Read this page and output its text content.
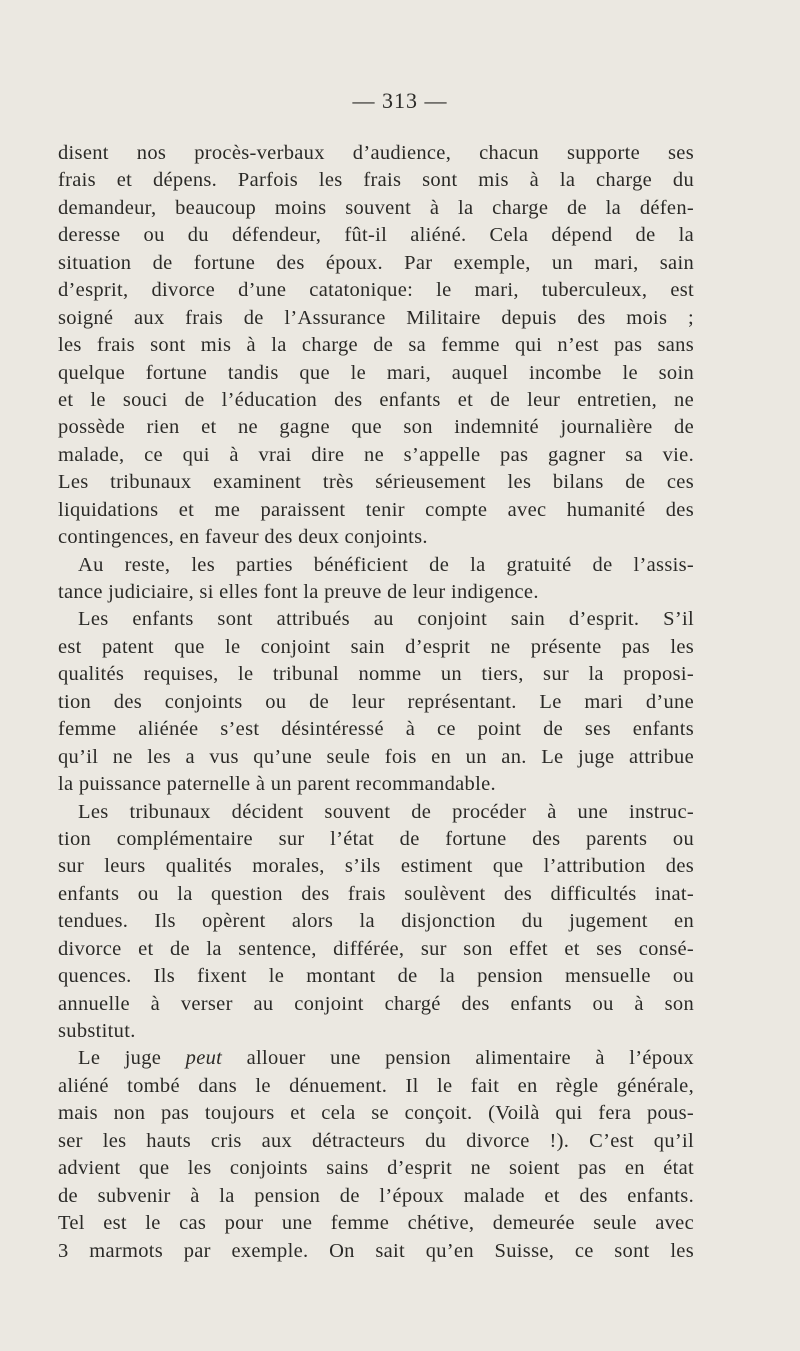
— 313 —
disent nos procès-verbaux d’audience, chacun supporte ses
frais et dépens. Parfois les frais sont mis à la charge du
demandeur, beaucoup moins souvent à la charge de la défen-
deresse ou du défendeur, fût-il aliéné. Cela dépend de la
situation de fortune des époux. Par exemple, un mari, sain
d’esprit, divorce d’une catatonique: le mari, tuberculeux, est
soigné aux frais de l’Assurance Militaire depuis des mois ;
les frais sont mis à la charge de sa femme qui n’est pas sans
quelque fortune tandis que le mari, auquel incombe le soin
et le souci de l’éducation des enfants et de leur entretien, ne
possède rien et ne gagne que son indemnité journalière de
malade, ce qui à vrai dire ne s’appelle pas gagner sa vie.
Les tribunaux examinent très sérieusement les bilans de ces
liquidations et me paraissent tenir compte avec humanité des
contingences, en faveur des deux conjoints.
Au reste, les parties bénéficient de la gratuité de l’assis-
tance judiciaire, si elles font la preuve de leur indigence.
Les enfants sont attribués au conjoint sain d’esprit. S’il
est patent que le conjoint sain d’esprit ne présente pas les
qualités requises, le tribunal nomme un tiers, sur la proposi-
tion des conjoints ou de leur représentant. Le mari d’une
femme aliénée s’est désintéressé à ce point de ses enfants
qu’il ne les a vus qu’une seule fois en un an. Le juge attribue
la puissance paternelle à un parent recommandable.
Les tribunaux décident souvent de procéder à une instruc-
tion complémentaire sur l’état de fortune des parents ou
sur leurs qualités morales, s’ils estiment que l’attribution des
enfants ou la question des frais soulèvent des difficultés inat-
tendues. Ils opèrent alors la disjonction du jugement en
divorce et de la sentence, différée, sur son effet et ses consé-
quences. Ils fixent le montant de la pension mensuelle ou
annuelle à verser au conjoint chargé des enfants ou à son
substitut.
Le juge peut allouer une pension alimentaire à l’époux
aliéné tombé dans le dénuement. Il le fait en règle générale,
mais non pas toujours et cela se conçoit. (Voilà qui fera pous-
ser les hauts cris aux détracteurs du divorce !). C’est qu’il
advient que les conjoints sains d’esprit ne soient pas en état
de subvenir à la pension de l’époux malade et des enfants.
Tel est le cas pour une femme chétive, demeurée seule avec
3 marmots par exemple. On sait qu’en Suisse, ce sont les
